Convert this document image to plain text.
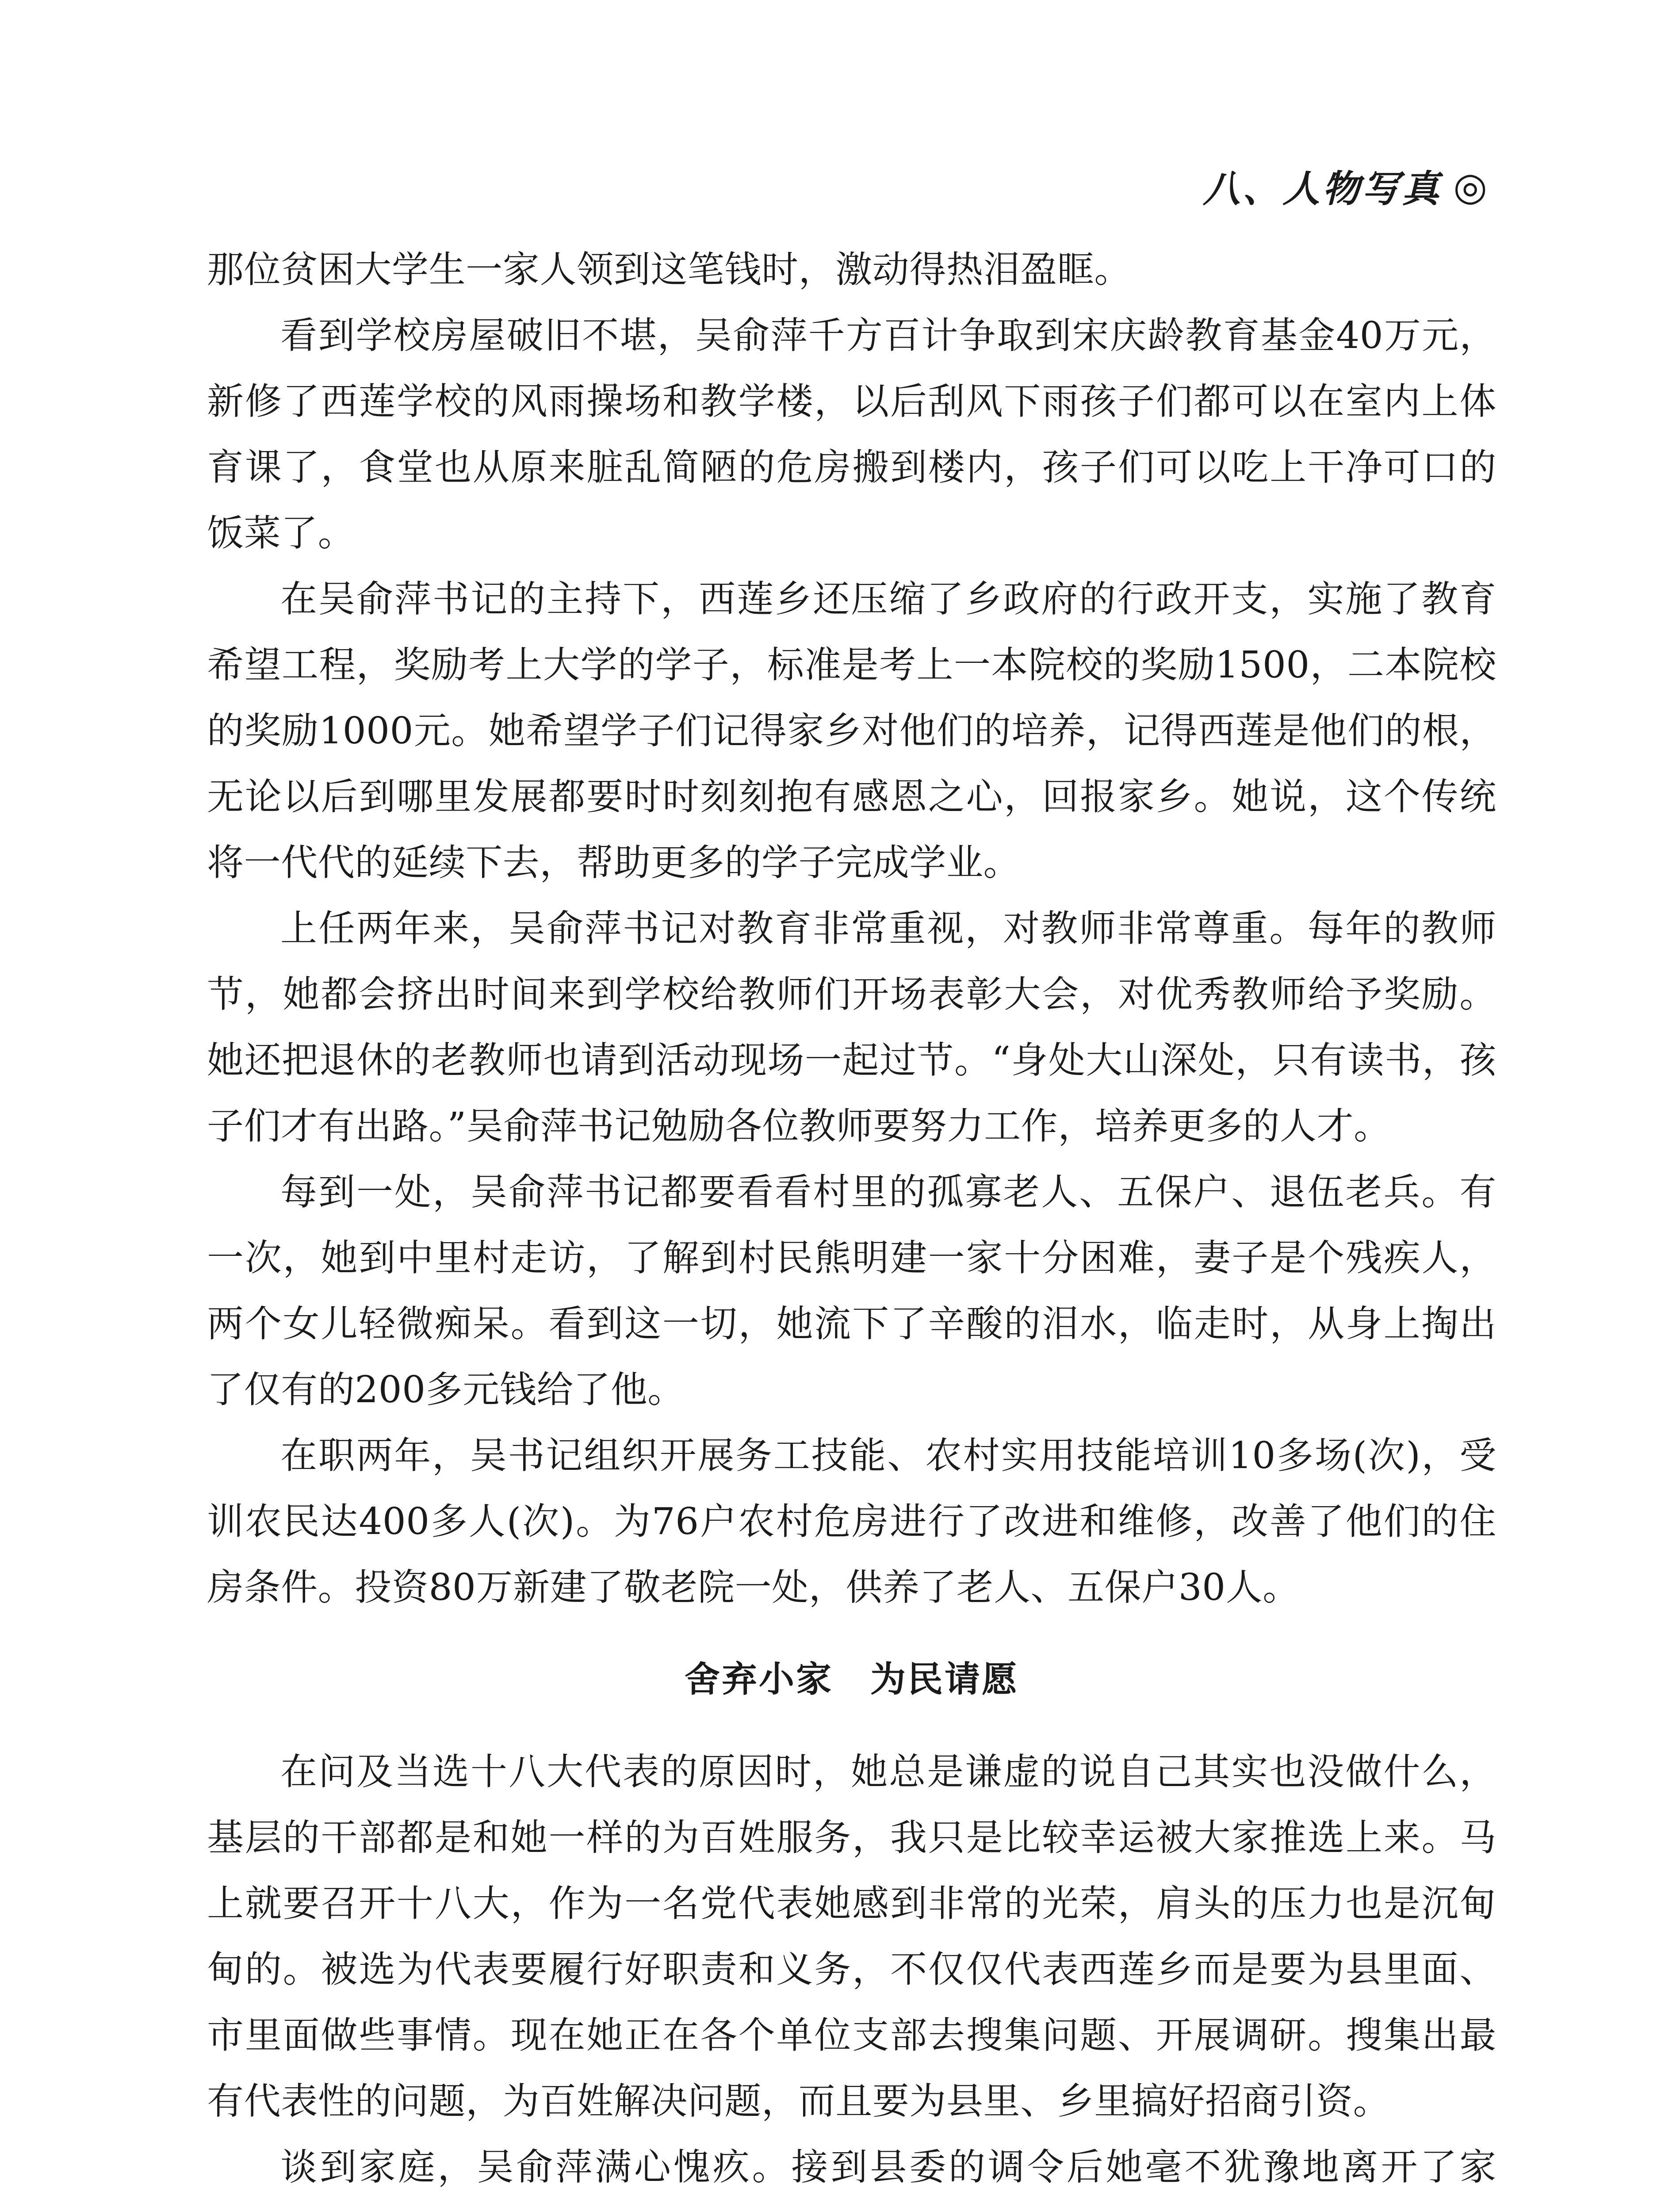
八、人物写真 ◎

那位贫困大学生一家人领到这笔钱时，激动得热泪盈眶。

看到学校房屋破旧不堪，吴俞萍千方百计争取到宋庆龄教育基金40万元，新修了西莲学校的风雨操场和教学楼，以后刮风下雨孩子们都可以在室内上体育课了，食堂也从原来脏乱简陋的危房搬到楼内，孩子们可以吃上干净可口的饭菜了。

在吴俞萍书记的主持下，西莲乡还压缩了乡政府的行政开支，实施了教育希望工程，奖励考上大学的学子，标准是考上一本院校的奖励1500，二本院校的奖励1000元。她希望学子们记得家乡对他们的培养，记得西莲是他们的根，无论以后到哪里发展都要时时刻刻抱有感恩之心，回报家乡。她说，这个传统将一代代的延续下去，帮助更多的学子完成学业。

上任两年来，吴俞萍书记对教育非常重视，对教师非常尊重。每年的教师节，她都会挤出时间来到学校给教师们开场表彰大会，对优秀教师给予奖励。她还把退休的老教师也请到活动现场一起过节。“身处大山深处，只有读书，孩子们才有出路。”吴俞萍书记勉励各位教师要努力工作，培养更多的人才。

每到一处，吴俞萍书记都要看看村里的孤寡老人、五保户、退伍老兵。有一次，她到中里村走访，了解到村民熊明建一家十分困难，妻子是个残疾人，两个女儿轻微痴呆。看到这一切，她流下了辛酸的泪水，临走时，从身上掏出了仅有的200多元钱给了他。

在职两年，吴书记组织开展务工技能、农村实用技能培训10多场(次)，受训农民达400多人(次)。为76户农村危房进行了改进和维修，改善了他们的住房条件。投资80万新建了敬老院一处，供养了老人、五保户30人。

舍弃小家　为民请愿

在问及当选十八大代表的原因时，她总是谦虚的说自己其实也没做什么，基层的干部都是和她一样的为百姓服务，我只是比较幸运被大家推选上来。马上就要召开十八大，作为一名党代表她感到非常的光荣，肩头的压力也是沉甸甸的。被选为代表要履行好职责和义务，不仅仅代表西莲乡而是要为县里面、市里面做些事情。现在她正在各个单位支部去搜集问题、开展调研。搜集出最有代表性的问题，为百姓解决问题，而且要为县里、乡里搞好招商引资。

谈到家庭，吴俞萍满心愧疚。接到县委的调令后她毫不犹豫地离开了家
